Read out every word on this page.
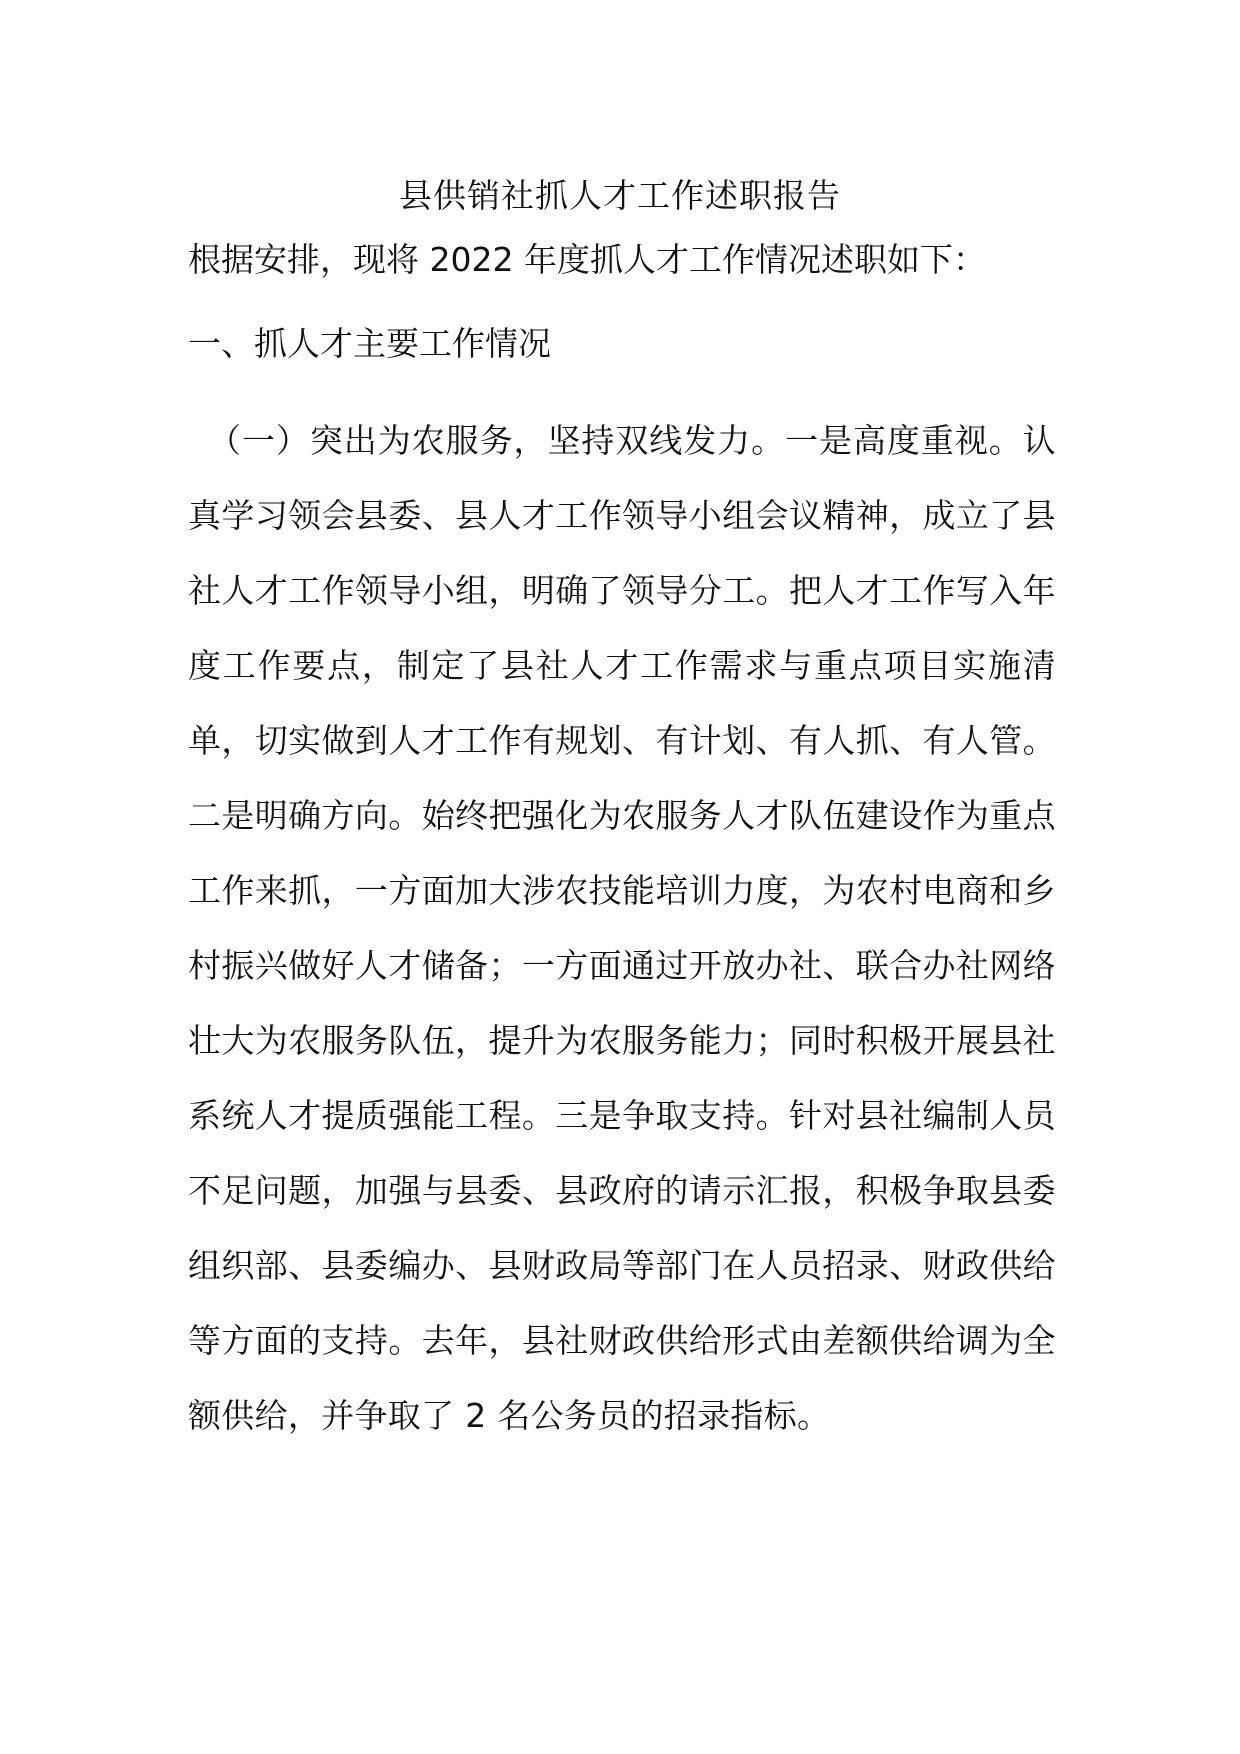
县供销社抓人才工作述职报告

根据安排，现将 2022 年度抓人才工作情况述职如下：

一、抓人才主要工作情况

（一）突出为农服务，坚持双线发力。一是高度重视。认真学习领会县委、县人才工作领导小组会议精神，成立了县社人才工作领导小组，明确了领导分工。把人才工作写入年度工作要点，制定了县社人才工作需求与重点项目实施清单，切实做到人才工作有规划、有计划、有人抓、有人管。二是明确方向。始终把强化为农服务人才队伍建设作为重点工作来抓，一方面加大涉农技能培训力度，为农村电商和乡村振兴做好人才储备；一方面通过开放办社、联合办社网络壮大为农服务队伍，提升为农服务能力；同时积极开展县社系统人才提质强能工程。三是争取支持。针对县社编制人员不足问题，加强与县委、县政府的请示汇报，积极争取县委组织部、县委编办、县财政局等部门在人员招录、财政供给等方面的支持。去年，县社财政供给形式由差额供给调为全额供给，并争取了 2 名公务员的招录指标。
